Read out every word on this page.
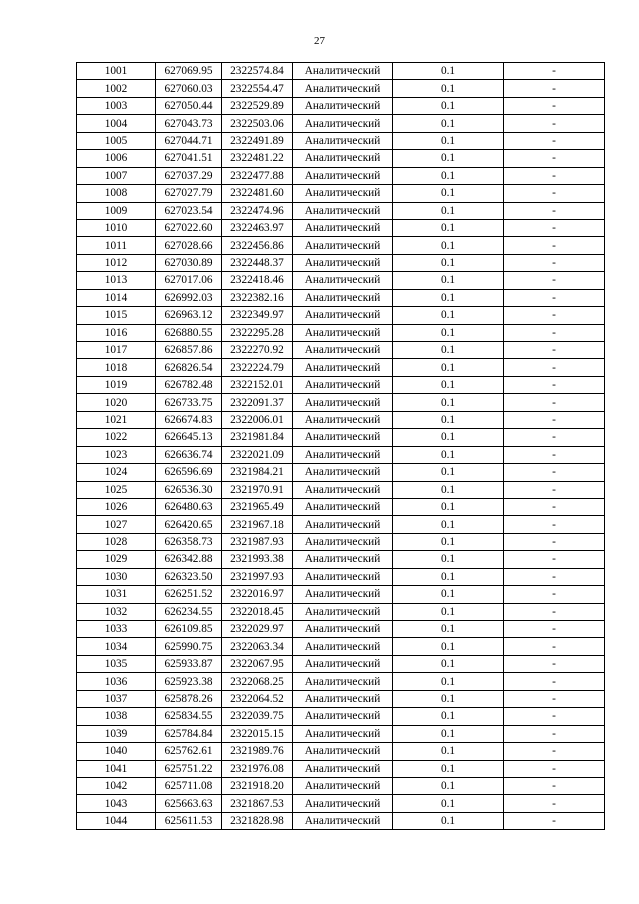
27
1001	627069.95	2322574.84	Аналитический	0.1	-
1002	627060.03	2322554.47	Аналитический	0.1	-
1003	627050.44	2322529.89	Аналитический	0.1	-
1004	627043.73	2322503.06	Аналитический	0.1	-
1005	627044.71	2322491.89	Аналитический	0.1	-
1006	627041.51	2322481.22	Аналитический	0.1	-
1007	627037.29	2322477.88	Аналитический	0.1	-
1008	627027.79	2322481.60	Аналитический	0.1	-
1009	627023.54	2322474.96	Аналитический	0.1	-
1010	627022.60	2322463.97	Аналитический	0.1	-
1011	627028.66	2322456.86	Аналитический	0.1	-
1012	627030.89	2322448.37	Аналитический	0.1	-
1013	627017.06	2322418.46	Аналитический	0.1	-
1014	626992.03	2322382.16	Аналитический	0.1	-
1015	626963.12	2322349.97	Аналитический	0.1	-
1016	626880.55	2322295.28	Аналитический	0.1	-
1017	626857.86	2322270.92	Аналитический	0.1	-
1018	626826.54	2322224.79	Аналитический	0.1	-
1019	626782.48	2322152.01	Аналитический	0.1	-
1020	626733.75	2322091.37	Аналитический	0.1	-
1021	626674.83	2322006.01	Аналитический	0.1	-
1022	626645.13	2321981.84	Аналитический	0.1	-
1023	626636.74	2322021.09	Аналитический	0.1	-
1024	626596.69	2321984.21	Аналитический	0.1	-
1025	626536.30	2321970.91	Аналитический	0.1	-
1026	626480.63	2321965.49	Аналитический	0.1	-
1027	626420.65	2321967.18	Аналитический	0.1	-
1028	626358.73	2321987.93	Аналитический	0.1	-
1029	626342.88	2321993.38	Аналитический	0.1	-
1030	626323.50	2321997.93	Аналитический	0.1	-
1031	626251.52	2322016.97	Аналитический	0.1	-
1032	626234.55	2322018.45	Аналитический	0.1	-
1033	626109.85	2322029.97	Аналитический	0.1	-
1034	625990.75	2322063.34	Аналитический	0.1	-
1035	625933.87	2322067.95	Аналитический	0.1	-
1036	625923.38	2322068.25	Аналитический	0.1	-
1037	625878.26	2322064.52	Аналитический	0.1	-
1038	625834.55	2322039.75	Аналитический	0.1	-
1039	625784.84	2322015.15	Аналитический	0.1	-
1040	625762.61	2321989.76	Аналитический	0.1	-
1041	625751.22	2321976.08	Аналитический	0.1	-
1042	625711.08	2321918.20	Аналитический	0.1	-
1043	625663.63	2321867.53	Аналитический	0.1	-
1044	625611.53	2321828.98	Аналитический	0.1	-
